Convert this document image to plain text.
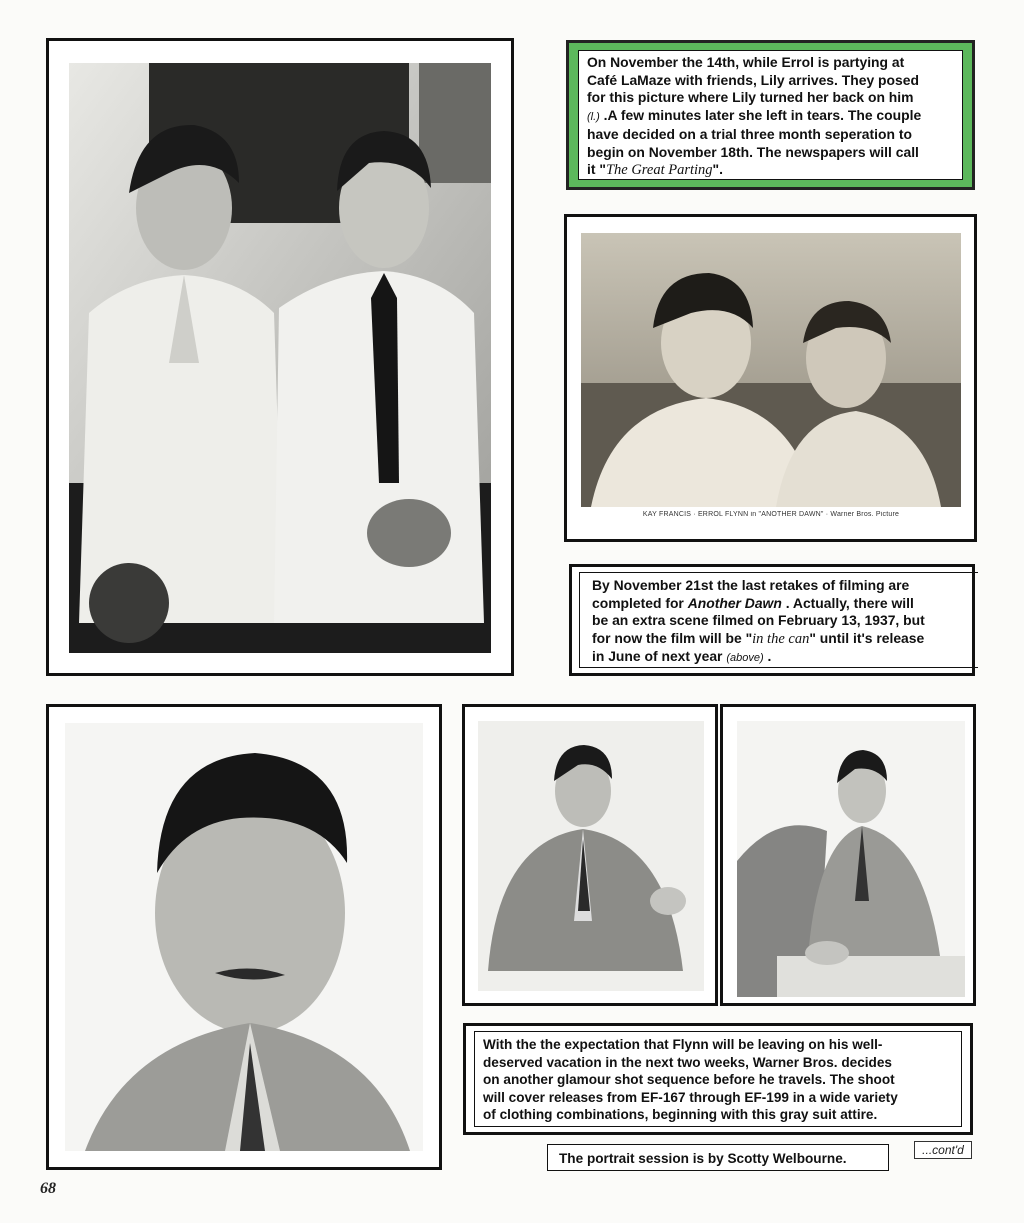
On November the 14th, while Errol is partying at
Café LaMaze with friends, Lily arrives. They posed
for this picture where Lily turned her back on him
(l.) .A few minutes later she left in tears. The couple
have decided on a trial three month seperation to
begin on November 18th. The newspapers will call
it "The Great Parting".
KAY FRANCIS · ERROL FLYNN in "ANOTHER DAWN" · Warner Bros. Picture
By November 21st the last retakes of filming are
completed for Another Dawn . Actually, there will
be an extra scene filmed on February 13, 1937, but
for now the film will be "in the can" until it's release
in June of next year (above) .
With the the expectation that Flynn will be leaving on his well-
deserved vacation in the next two weeks, Warner Bros. decides
on another glamour shot sequence before he travels. The shoot
will cover releases from EF-167 through EF-199 in a wide variety
of clothing combinations, beginning with this gray suit attire.
The portrait session is by Scotty Welbourne.
...cont'd
68
